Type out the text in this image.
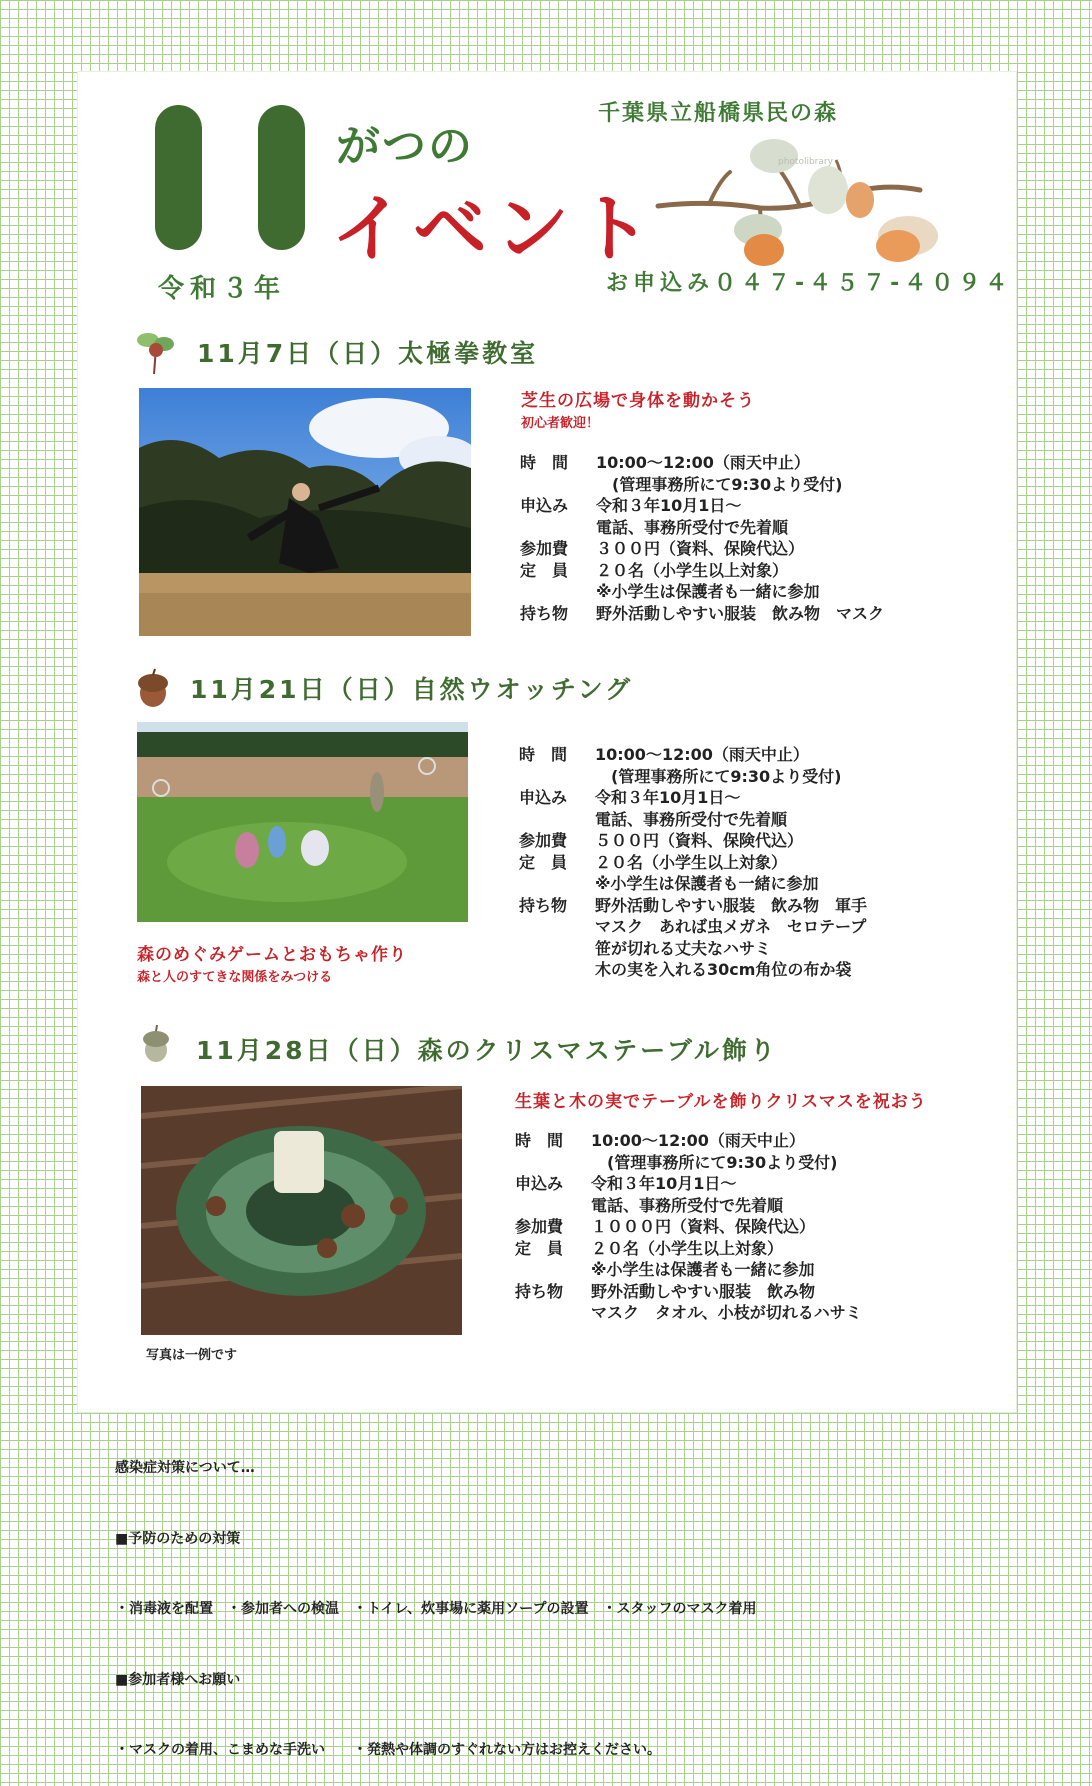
がつの
イベント
令和３年
千葉県立船橋県民の森
お申込み０４７-４５７-４０９４
photolibrary
11月7日（日）太極拳教室
芝生の広場で身体を動かそう
初心者歓迎！
時　間	10:00〜12:00（雨天中止）
　(管理事務所にて9:30より受付)
申込み	令和３年10月1日〜
電話、事務所受付で先着順
参加費	３００円（資料、保険代込）
定　員	２０名（小学生以上対象）
※小学生は保護者も一緒に参加
持ち物	野外活動しやすい服装　飲み物　マスク
11月21日（日）自然ウオッチング
森のめぐみゲームとおもちゃ作り
森と人のすてきな関係をみつける
時　間	10:00〜12:00（雨天中止）
　(管理事務所にて9:30より受付)
申込み	令和３年10月1日〜
電話、事務所受付で先着順
参加費	５００円（資料、保険代込）
定　員	２０名（小学生以上対象）
※小学生は保護者も一緒に参加
持ち物	野外活動しやすい服装　飲み物　軍手
マスク　あれば虫メガネ　セロテープ
笹が切れる丈夫なハサミ
木の実を入れる30cm角位の布か袋
11月28日（日）森のクリスマステーブル飾り
写真は一例です
生葉と木の実でテーブルを飾りクリスマスを祝おう
時　間	10:00〜12:00（雨天中止）
　(管理事務所にて9:30より受付)
申込み	令和３年10月1日〜
電話、事務所受付で先着順
参加費	１０００円（資料、保険代込）
定　員	２０名（小学生以上対象）
※小学生は保護者も一緒に参加
持ち物	野外活動しやすい服装　飲み物
マスク　タオル、小枝が切れるハサミ

感染症対策について…

■予防のための対策

・消毒液を配置　・参加者への検温　・トイレ、炊事場に薬用ソープの設置　・スタッフのマスク着用

■参加者様へお願い

・マスクの着用、こまめな手洗い　　・発熱や体調のすぐれない方はお控えください。
